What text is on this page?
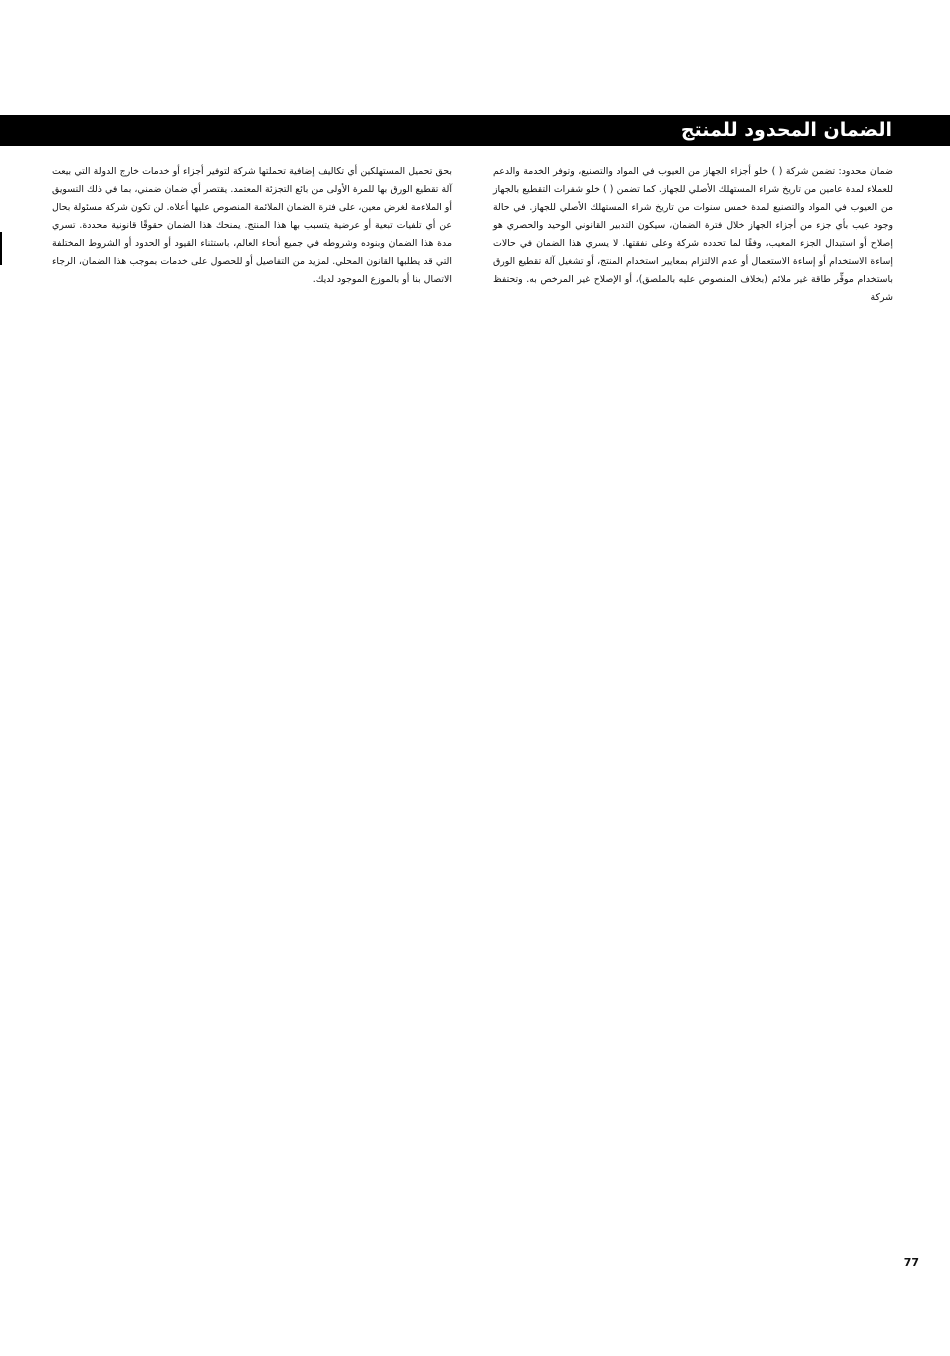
الضمان المحدود للمنتج

ضمان محدود: تضمن شركة ( ) خلو أجزاء الجهاز من العيوب في المواد والتصنيع، وتوفر الخدمة والدعم للعملاء لمدة عامين من تاريخ شراء المستهلك الأصلي للجهاز. كما تضمن ( ) خلو شفرات التقطيع بالجهاز من العيوب في المواد والتصنيع لمدة خمس سنوات من تاريخ شراء المستهلك الأصلي للجهاز. في حالة وجود عيب بأي جزء من أجزاء الجهاز خلال فترة الضمان، سيكون التدبير القانوني الوحيد والحصري هو إصلاح أو استبدال الجزء المعيب، وفقًا لما تحدده شركة وعلى نفقتها. لا يسري هذا الضمان في حالات إساءة الاستخدام أو إساءة الاستعمال أو عدم الالتزام بمعايير استخدام المنتج، أو تشغيل آلة تقطيع الورق باستخدام موفِّر طاقة غير ملائم (بخلاف المنصوص عليه بالملصق)، أو الإصلاح غير المرخص به. وتحتفظ شركة

بحق تحميل المستهلكين أي تكاليف إضافية تحملتها شركة لتوفير أجزاء أو خدمات خارج الدولة التي بيعت آلة تقطيع الورق بها للمرة الأولى من بائع التجزئة المعتمد. يقتصر أي ضمان ضمني، بما في ذلك التسويق أو الملاءمة لغرض معين، على فترة الضمان الملائمة المنصوص عليها أعلاه. لن تكون شركة مسئولة بحال عن أي تلفيات تبعية أو عرضية يتسبب بها هذا المنتج. يمنحك هذا الضمان حقوقًا قانونية محددة. تسري مدة هذا الضمان وبنوده وشروطه في جميع أنحاء العالم، باستثناء القيود أو الحدود أو الشروط المختلفة التي قد يطلبها القانون المحلي. لمزيد من التفاصيل أو للحصول على خدمات بموجب هذا الضمان، الرجاء الاتصال بنا أو بالموزع الموجود لديك.

77
